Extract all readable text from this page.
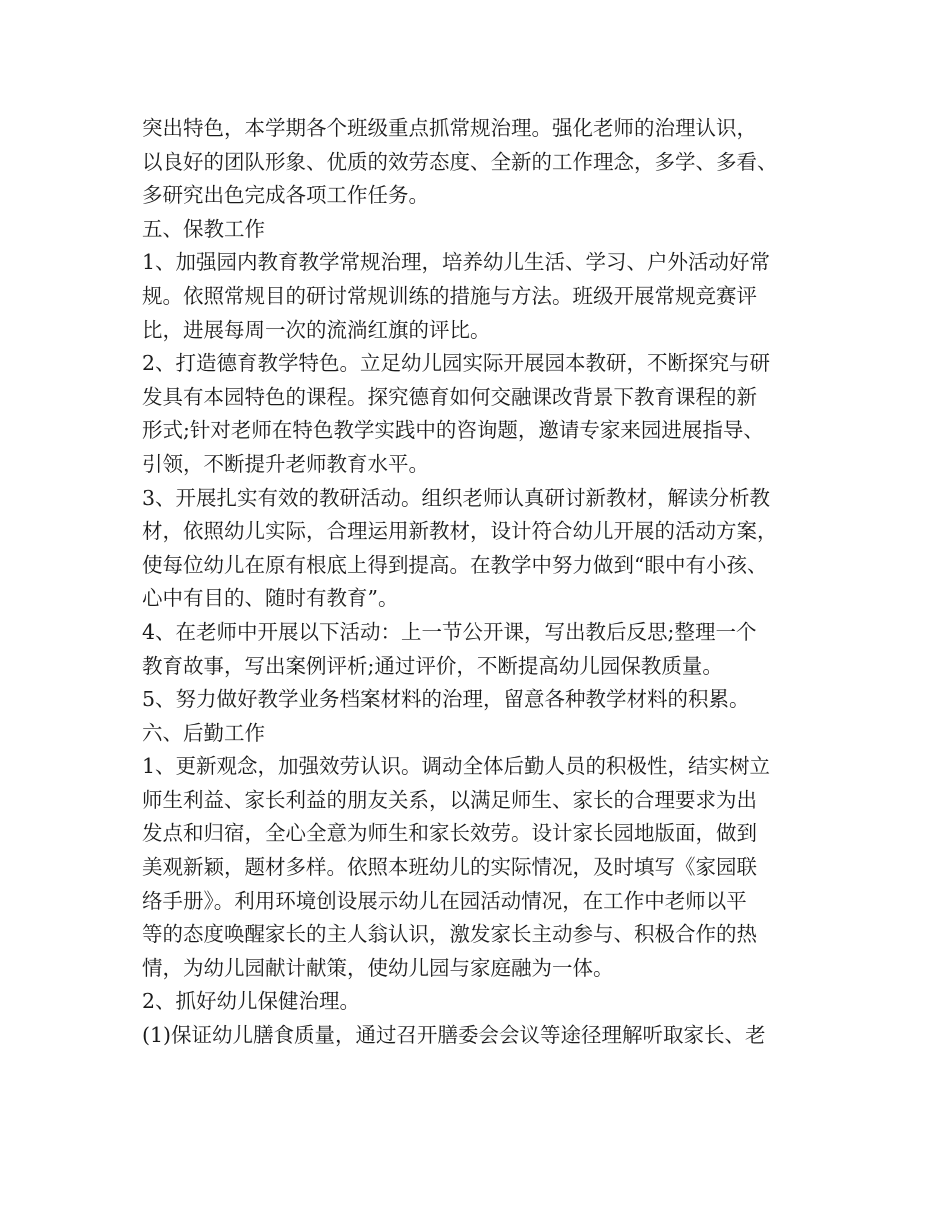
突出特色，本学期各个班级重点抓常规治理。强化老师的治理认识，

以良好的团队形象、优质的效劳态度、全新的工作理念，多学、多看、

多研究出色完成各项工作任务。

五、保教工作

1、加强园内教育教学常规治理，培养幼儿生活、学习、户外活动好常

规。依照常规目的研讨常规训练的措施与方法。班级开展常规竞赛评

比，进展每周一次的流淌红旗的评比。

2、打造德育教学特色。立足幼儿园实际开展园本教研，不断探究与研

发具有本园特色的课程。探究德育如何交融课改背景下教育课程的新

形式;针对老师在特色教学实践中的咨询题，邀请专家来园进展指导、

引领，不断提升老师教育水平。

3、开展扎实有效的教研活动。组织老师认真研讨新教材，解读分析教

材，依照幼儿实际，合理运用新教材，设计符合幼儿开展的活动方案，

使每位幼儿在原有根底上得到提高。在教学中努力做到“眼中有小孩、

心中有目的、随时有教育”。

4、在老师中开展以下活动：上一节公开课，写出教后反思;整理一个

教育故事，写出案例评析;通过评价，不断提高幼儿园保教质量。

5、努力做好教学业务档案材料的治理，留意各种教学材料的积累。

六、后勤工作

1、更新观念，加强效劳认识。调动全体后勤人员的积极性，结实树立

师生利益、家长利益的朋友关系，以满足师生、家长的合理要求为出

发点和归宿，全心全意为师生和家长效劳。设计家长园地版面，做到

美观新颖，题材多样。依照本班幼儿的实际情况，及时填写《家园联

络手册》。利用环境创设展示幼儿在园活动情况，在工作中老师以平

等的态度唤醒家长的主人翁认识，激发家长主动参与、积极合作的热

情，为幼儿园献计献策，使幼儿园与家庭融为一体。

2、抓好幼儿保健治理。

(1)保证幼儿膳食质量，通过召开膳委会会议等途径理解听取家长、老
